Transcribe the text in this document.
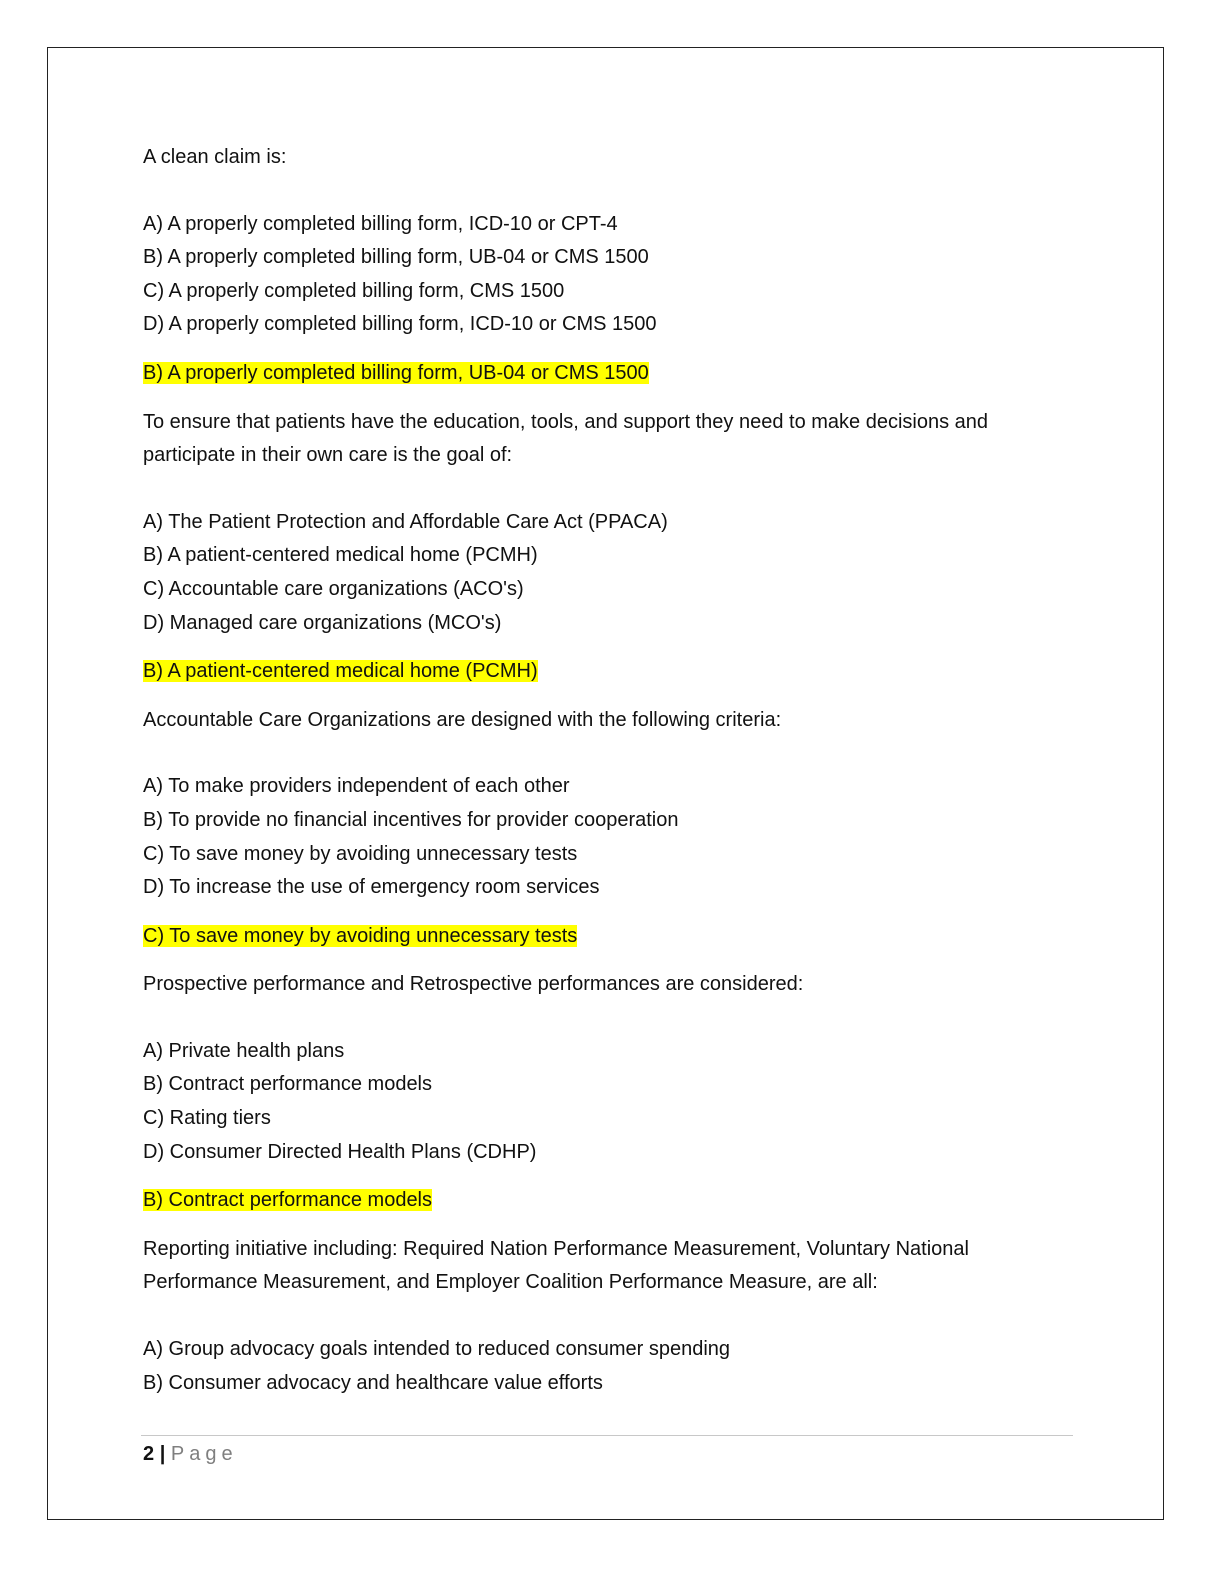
A clean claim is:

A) A properly completed billing form, ICD-10 or CPT-4
B) A properly completed billing form, UB-04 or CMS 1500
C) A properly completed billing form, CMS 1500
D) A properly completed billing form, ICD-10 or CMS 1500

B) A properly completed billing form, UB-04 or CMS 1500

To ensure that patients have the education, tools, and support they need to make decisions and participate in their own care is the goal of:

A) The Patient Protection and Affordable Care Act (PPACA)
B) A patient-centered medical home (PCMH)
C) Accountable care organizations (ACO's)
D) Managed care organizations (MCO's)

B) A patient-centered medical home (PCMH)

Accountable Care Organizations are designed with the following criteria:

A) To make providers independent of each other
B) To provide no financial incentives for provider cooperation
C) To save money by avoiding unnecessary tests
D) To increase the use of emergency room services

C) To save money by avoiding unnecessary tests

Prospective performance and Retrospective performances are considered:

A) Private health plans
B) Contract performance models
C) Rating tiers
D) Consumer Directed Health Plans (CDHP)

B) Contract performance models

Reporting initiative including: Required Nation Performance Measurement, Voluntary National Performance Measurement, and Employer Coalition Performance Measure, are all:

A) Group advocacy goals intended to reduced consumer spending
B) Consumer advocacy and healthcare value efforts
2 | Page
